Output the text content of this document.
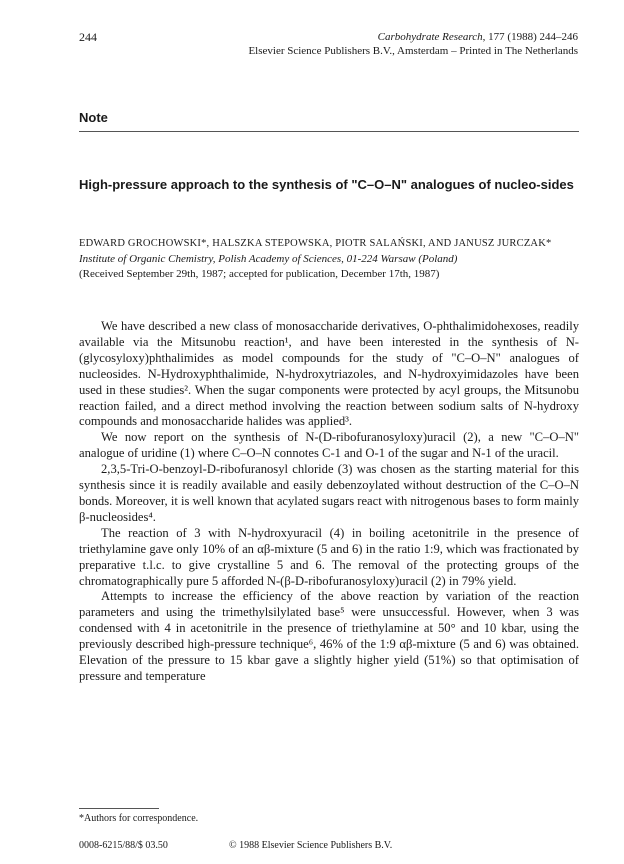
244	Carbohydrate Research, 177 (1988) 244–246
Elsevier Science Publishers B.V., Amsterdam – Printed in The Netherlands
Note
High-pressure approach to the synthesis of "C–O–N" analogues of nucleo-sides
EDWARD GROCHOWSKI*, HALSZKA STEPOWSKA, PIOTR SALAŃSKI, AND JANUSZ JURCZAK*
Institute of Organic Chemistry, Polish Academy of Sciences, 01-224 Warsaw (Poland)
(Received September 29th, 1987; accepted for publication, December 17th, 1987)

We have described a new class of monosaccharide derivatives, O-phthalimidohexoses, readily available via the Mitsunobu reaction¹, and have been interested in the synthesis of N-(glycosyloxy)phthalimides as model compounds for the study of "C–O–N" analogues of nucleosides. N-Hydroxyphthalimide, N-hydroxytriazoles, and N-hydroxyimidazoles have been used in these studies². When the sugar components were protected by acyl groups, the Mitsunobu reaction failed, and a direct method involving the reaction between sodium salts of N-hydroxy compounds and monosaccharide halides was applied³.

We now report on the synthesis of N-(D-ribofuranosyloxy)uracil (2), a new "C–O–N" analogue of uridine (1) where C–O–N connotes C-1 and O-1 of the sugar and N-1 of the uracil.

2,3,5-Tri-O-benzoyl-D-ribofuranosyl chloride (3) was chosen as the starting material for this synthesis since it is readily available and easily debenzoylated without destruction of the C–O–N bonds. Moreover, it is well known that acylated sugars react with nitrogenous bases to form mainly β-nucleosides⁴.

The reaction of 3 with N-hydroxyuracil (4) in boiling acetonitrile in the presence of triethylamine gave only 10% of an αβ-mixture (5 and 6) in the ratio 1:9, which was fractionated by preparative t.l.c. to give crystalline 5 and 6. The removal of the protecting groups of the chromatographically pure 5 afforded N-(β-D-ribofuranosyloxy)uracil (2) in 79% yield.

Attempts to increase the efficiency of the above reaction by variation of the reaction parameters and using the trimethylsilylated base⁵ were unsuccessful. However, when 3 was condensed with 4 in acetonitrile in the presence of triethylamine at 50° and 10 kbar, using the previously described high-pressure technique⁶, 46% of the 1:9 αβ-mixture (5 and 6) was obtained. Elevation of the pressure to 15 kbar gave a slightly higher yield (51%) so that optimisation of pressure and temperature

*Authors for correspondence.
0008-6215/88/$ 03.50	© 1988 Elsevier Science Publishers B.V.
